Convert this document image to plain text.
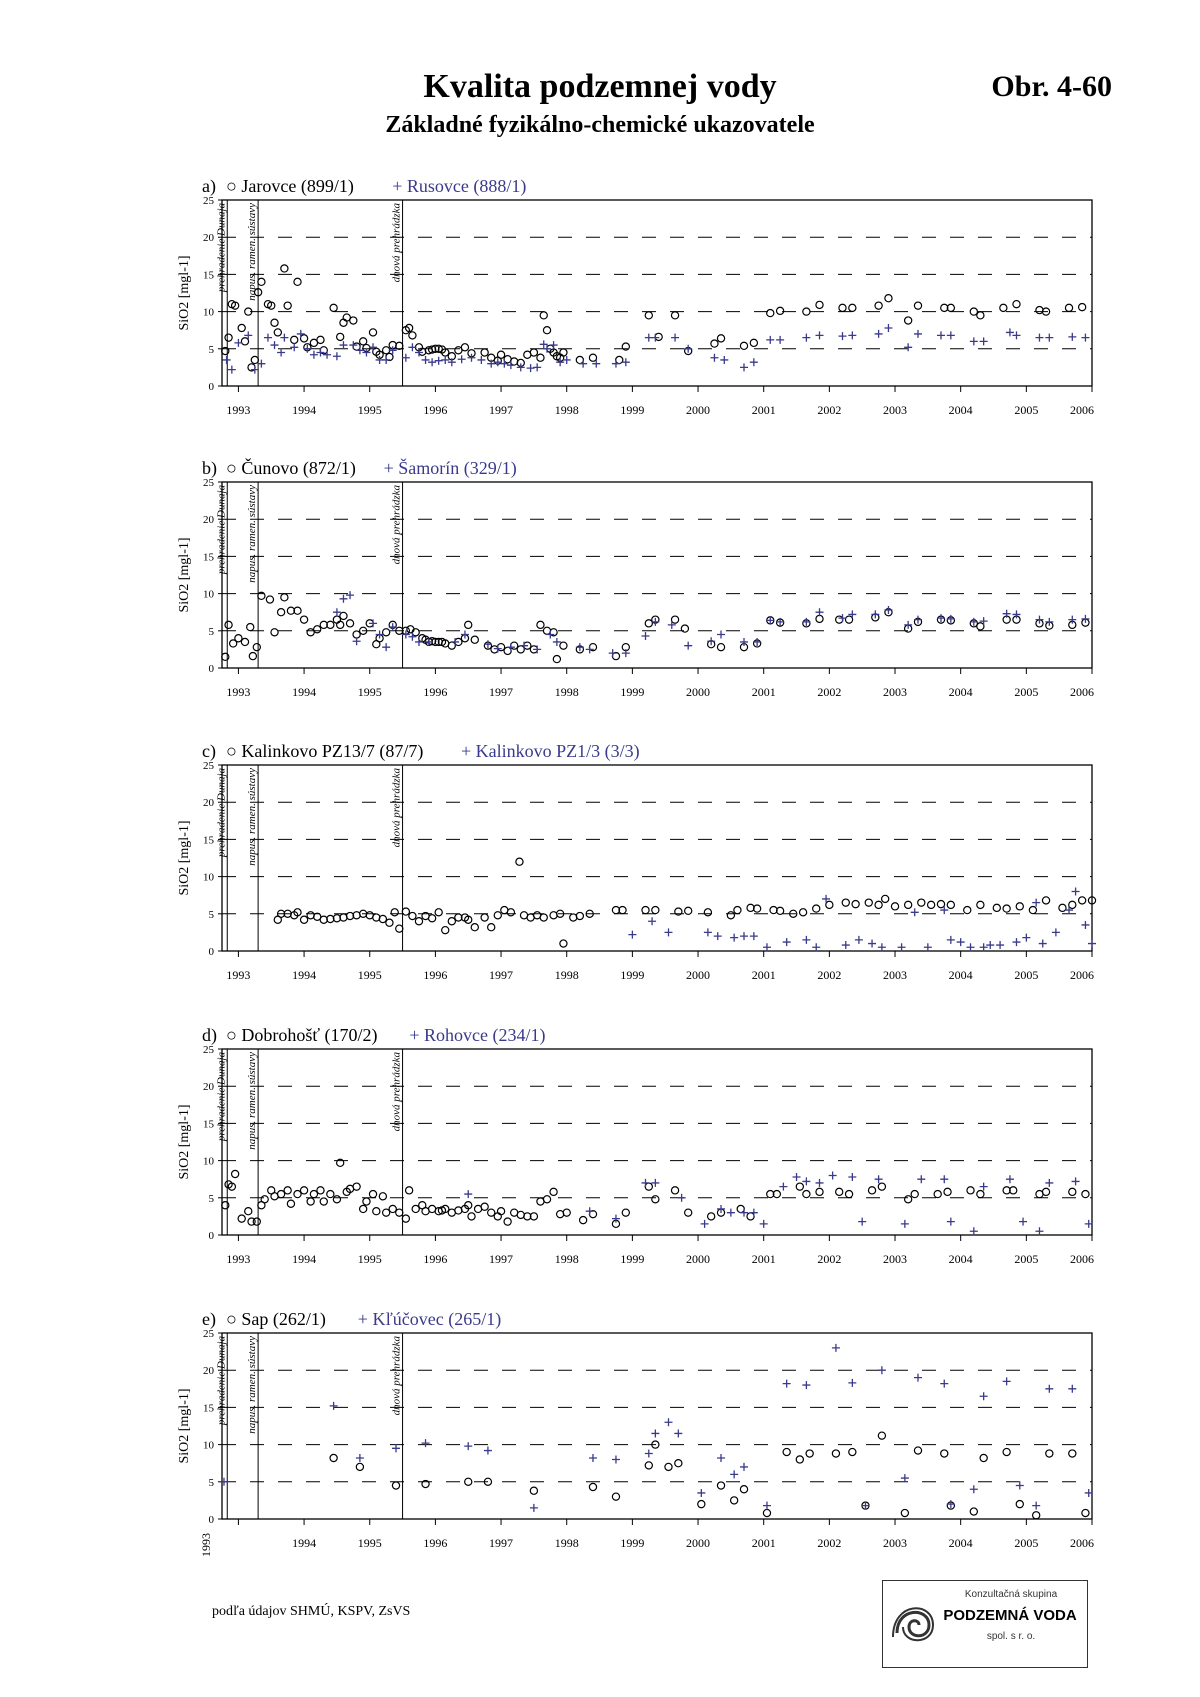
Kvalita podzemnej vody
Základné fyzikálno-chemické ukazovatele
Obr. 4-60
a) ○ Jarovce (899/1) + Rusovce (888/1)
0
5
10
15
20
25
SiO2 [mgl-1]
1993	1994	1995	1996	1997	1998	1999	2000	2001	2002	2003	2004	2005	2006
prehradenie Dunaja napus. ramen. sústavy	dnová prehrádzka
b) ○ Čunovo (872/1) + Šamorín (329/1)
0
5
10
15
20
25
SiO2 [mgl-1]
1993	1994	1995	1996	1997	1998	1999	2000	2001	2002	2003	2004	2005	2006
prehradenie Dunaja napus. ramen. sústavy	dnová prehrádzka
c) ○ Kalinkovo PZ13/7 (87/7) + Kalinkovo PZ1/3 (3/3)
0
5
10
15
20
25
SiO2 [mgl-1]
1993	1994	1995	1996	1997	1998	1999	2000	2001	2002	2003	2004	2005	2006
prehradenie Dunaja napus. ramen. sústavy	dnová prehrádzka
d) ○ Dobrohošť (170/2) + Rohovce (234/1)
0
5
10
15
20
25
SiO2 [mgl-1]
1993	1994	1995	1996	1997	1998	1999	2000	2001	2002	2003	2004	2005	2006
prehradenie Dunaja napus. ramen. sústavy	dnová prehrádzka
e) ○ Sap (262/1) + Kľúčovec (265/1)
0
5
10
15
20
25
SiO2 [mgl-1]
1993	1994	1995	1996	1997	1998	1999	2000	2001	2002	2003	2004	2005	2006
prehradenie Dunaja napus. ramen. sústavy	dnová prehrádzka
podľa údajov SHMÚ, KSPV, ZsVS
Konzultačná skupina
PODZEMNÁ VODA
spol. s r. o.
